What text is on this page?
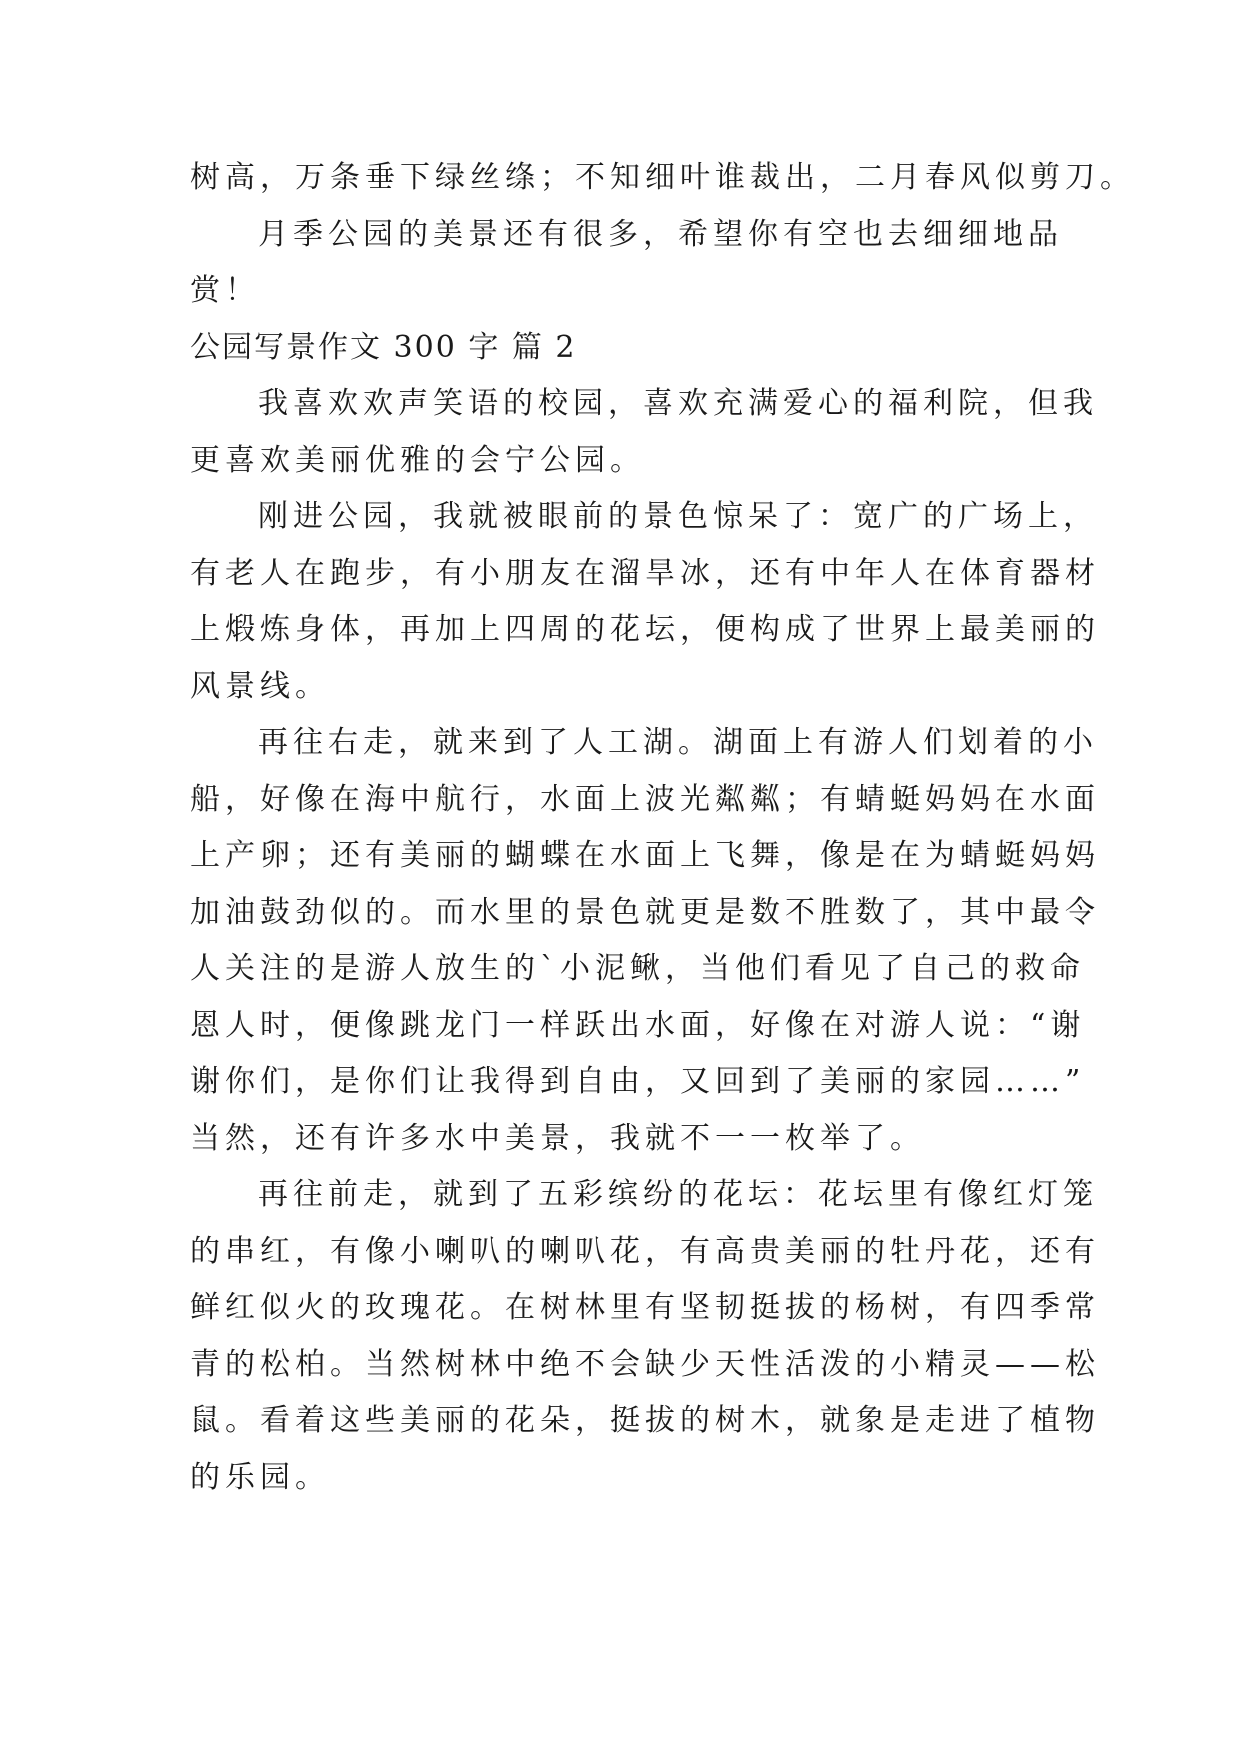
树高，万条垂下绿丝绦；不知细叶谁裁出，二月春风似剪刀。
月季公园的美景还有很多，希望你有空也去细细地品
赏！
公园写景作文 300 字 篇 2
我喜欢欢声笑语的校园，喜欢充满爱心的福利院，但我
更喜欢美丽优雅的会宁公园。
刚进公园，我就被眼前的景色惊呆了：宽广的广场上，
有老人在跑步，有小朋友在溜旱冰，还有中年人在体育器材
上煅炼身体，再加上四周的花坛，便构成了世界上最美丽的
风景线。
再往右走，就来到了人工湖。湖面上有游人们划着的小
船，好像在海中航行，水面上波光粼粼；有蜻蜓妈妈在水面
上产卵；还有美丽的蝴蝶在水面上飞舞，像是在为蜻蜓妈妈
加油鼓劲似的。而水里的景色就更是数不胜数了，其中最令
人关注的是游人放生的`小泥鳅，当他们看见了自己的救命
恩人时，便像跳龙门一样跃出水面，好像在对游人说：“谢
谢你们，是你们让我得到自由，又回到了美丽的家园……”
当然，还有许多水中美景，我就不一一枚举了。
再往前走，就到了五彩缤纷的花坛：花坛里有像红灯笼
的串红，有像小喇叭的喇叭花，有高贵美丽的牡丹花，还有
鲜红似火的玫瑰花。在树林里有坚韧挺拔的杨树，有四季常
青的松柏。当然树林中绝不会缺少天性活泼的小精灵——松
鼠。看着这些美丽的花朵，挺拔的树木，就象是走进了植物
的乐园。
